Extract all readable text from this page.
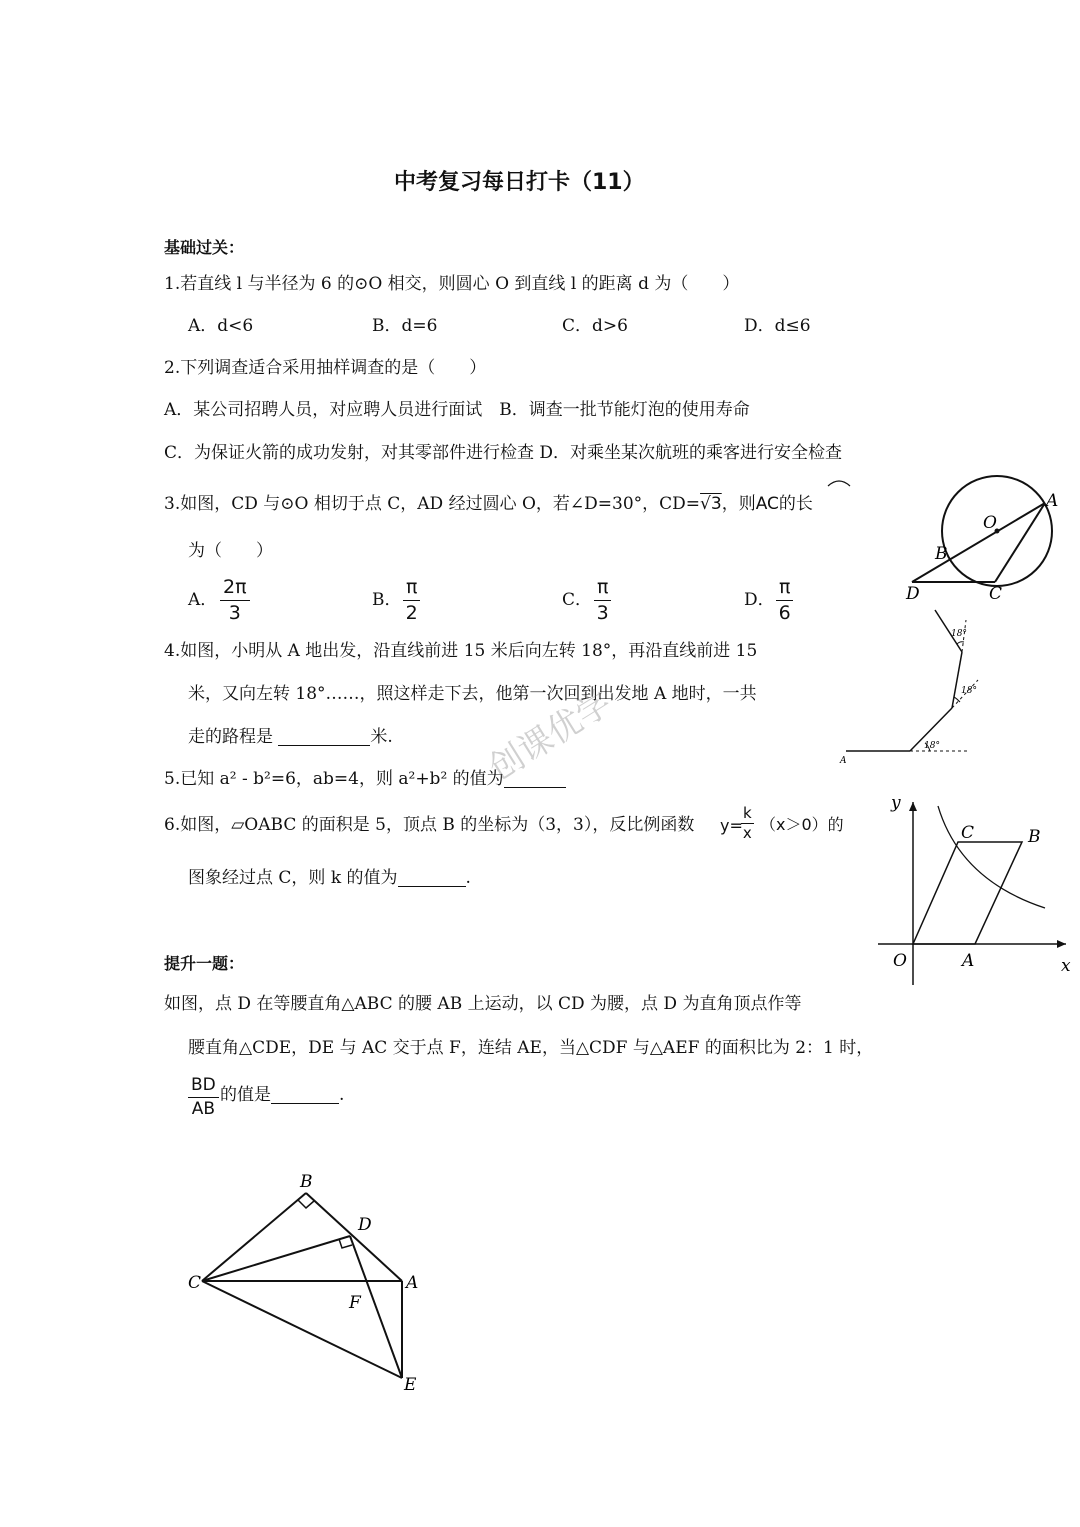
中考复习每日打卡（11）
基础过关：
1.若直线 l 与半径为 6 的⊙O 相交，则圆心 O 到直线 l 的距离 d 为（　　）
A．d<6	B．d=6	C．d>6	D．d≤6
2.下列调查适合采用抽样调查的是（　　）
A．某公司招聘人员，对应聘人员进行面试　B．调查一批节能灯泡的使用寿命
C．为保证火箭的成功发射，对其零部件进行检查 D．对乘坐某次航班的乘客进行安全检查
3.如图，CD 与⊙O 相切于点 C，AD 经过圆心 O，若∠D=30°，CD=√3，则AC的长
为（　　）
A． $\frac{2\pi}{3}$	B． $\frac{\pi}{2}$	C． $\frac{\pi}{3}$	D． $\frac{\pi}{6}$
O
A
B
C
D
4.如图，小明从 A 地出发，沿直线前进 15 米后向左转 18°，再沿直线前进 15
米，又向左转 18°……，照这样走下去，他第一次回到出发地 A 地时，一共
走的路程是	米.	18°
18°
18°
A
5.已知 a² - b²=6，ab=4，则 a²+b² 的值为
创课优学
6.如图，▱OABC 的面积是 5，顶点 B 的坐标为（3，3），反比例函数 y=
$\frac{k}{x} (x>0)$的
图象经过点 C，则 k 的值为	.
y
x
O	A
B
C
提升一题：
如图，点 D 在等腰直角△ABC 的腰 AB 上运动，以 CD 为腰，点 D 为直角顶点作等
腰直角△CDE，DE 与 AC 交于点 F，连结 AE，当△CDF 与△AEF 的面积比为 2：1 时，
$\frac{BD}{AB}$ 的值是	.
B
D
C	A
F
E
